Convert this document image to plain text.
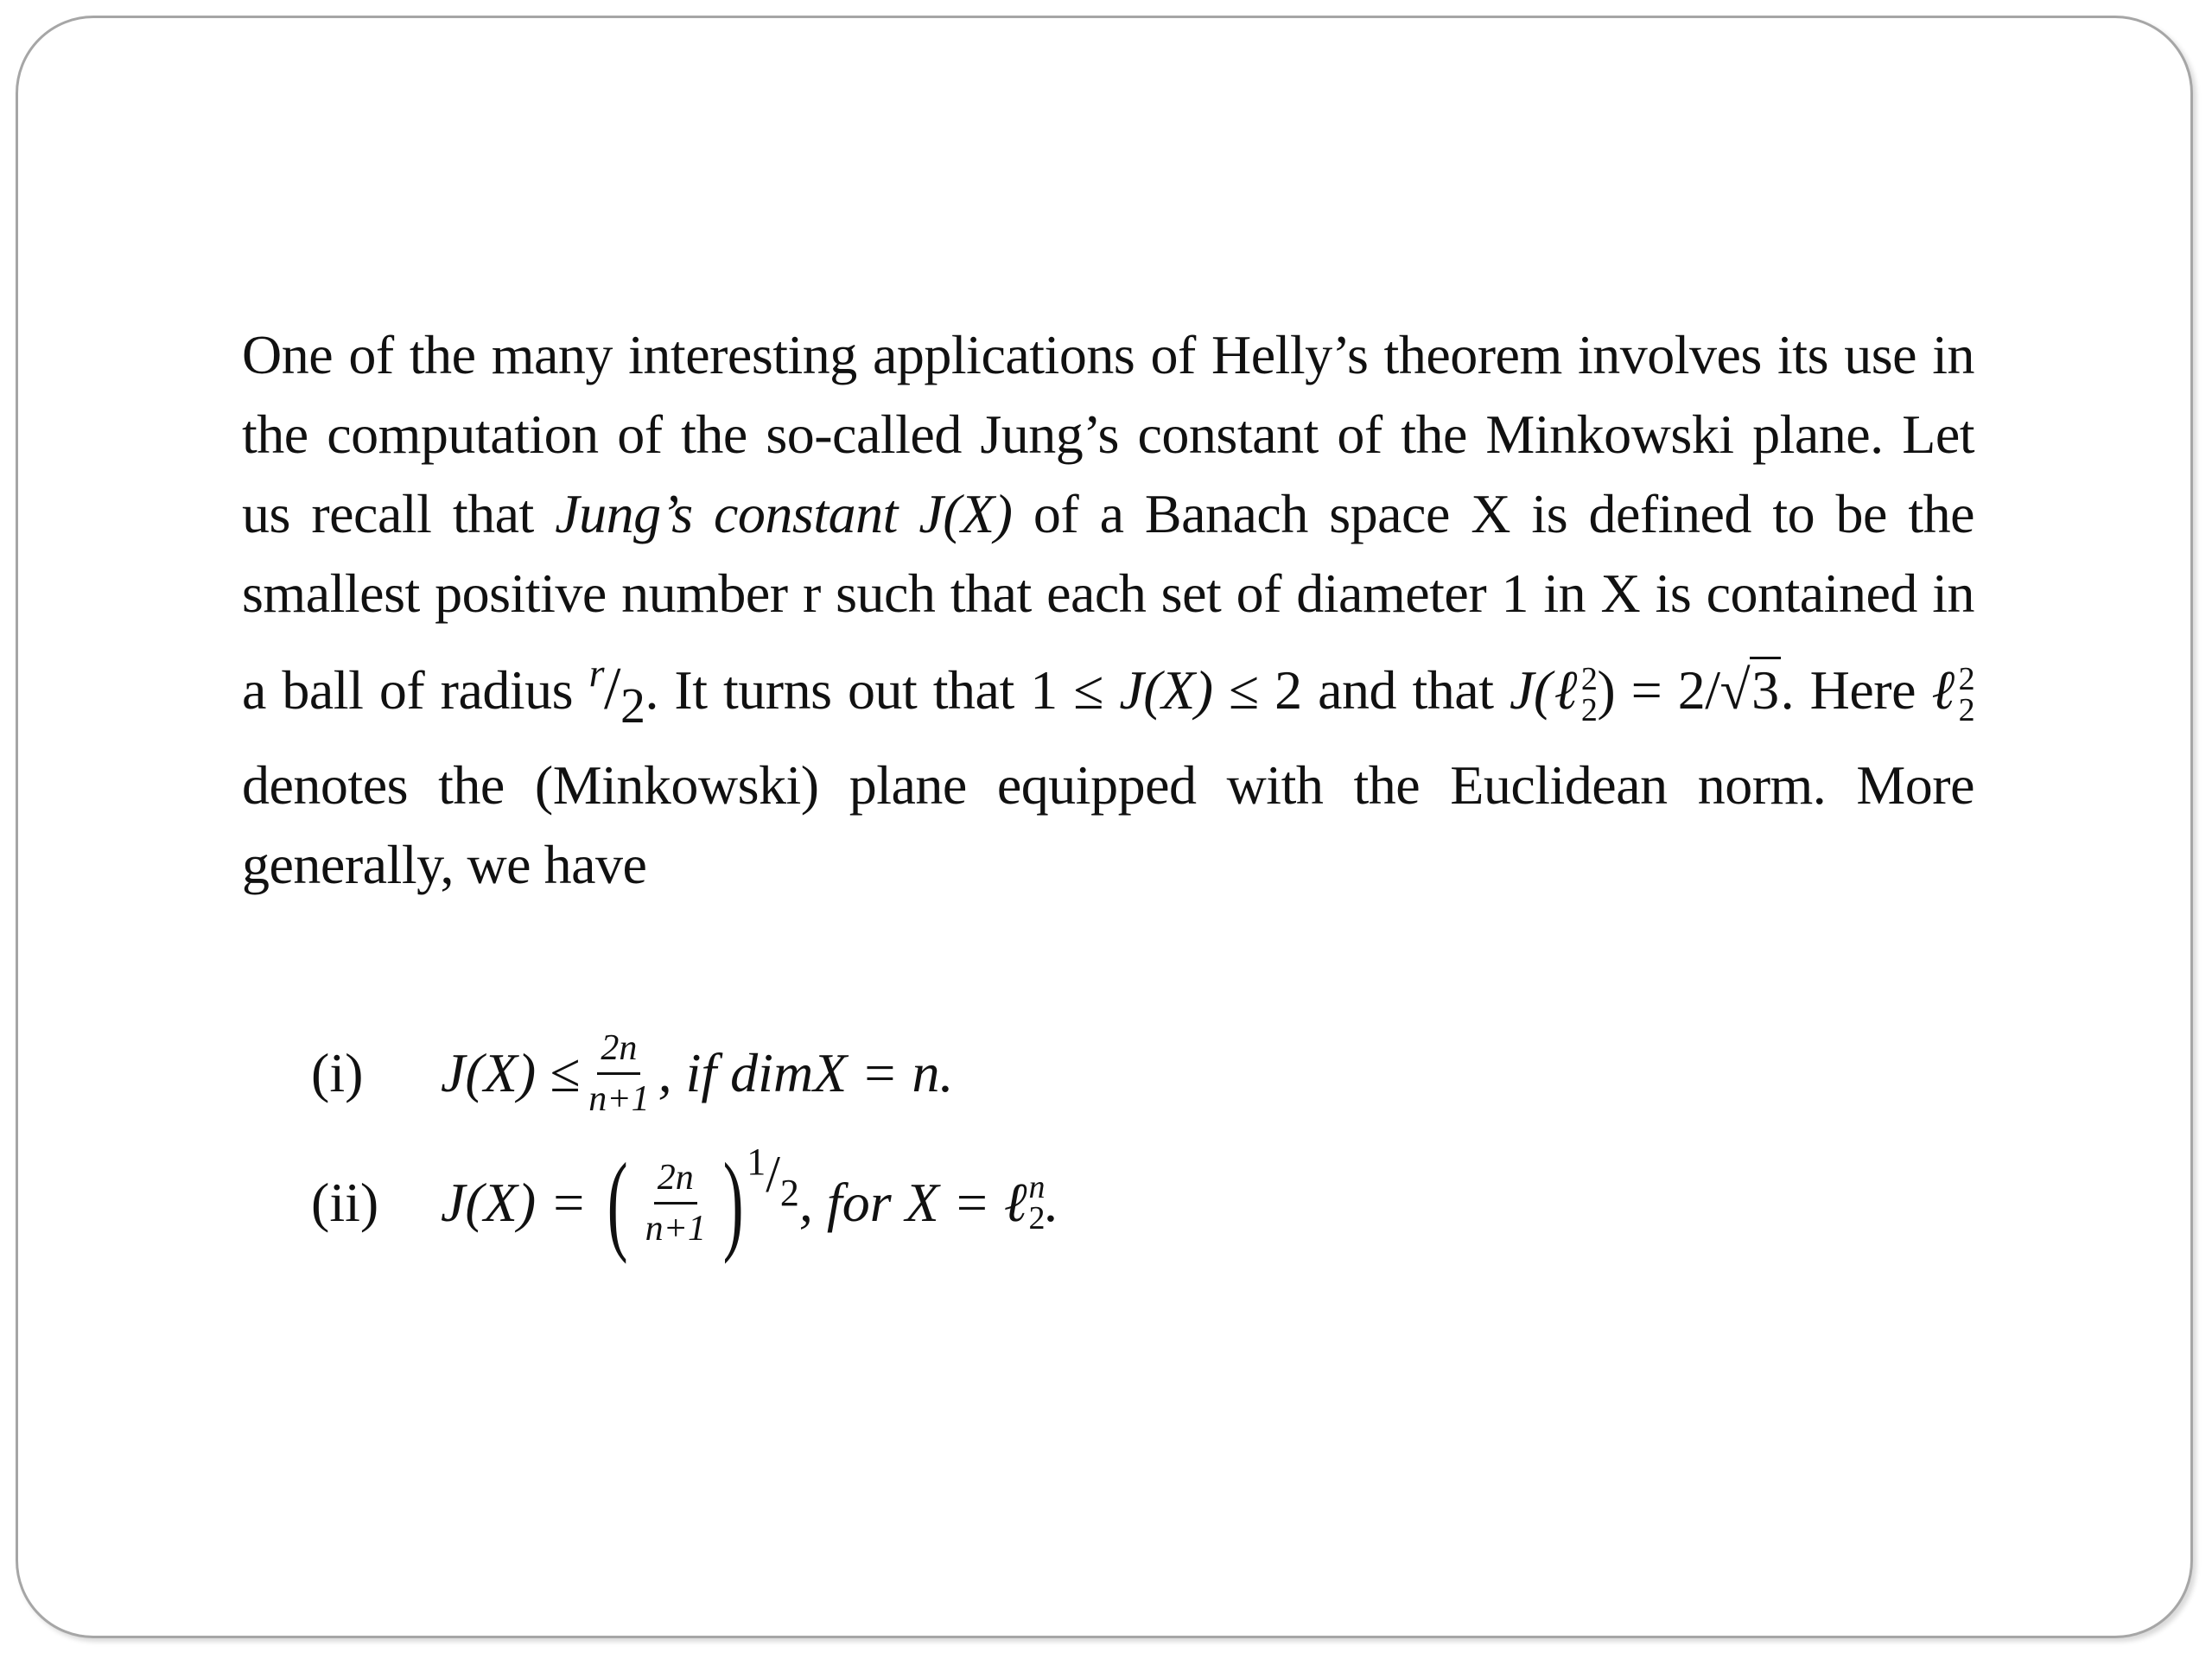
One of the many interesting applications of Helly’s theorem involves its use in the computation of the so-called Jung’s constant of the Minkowski plane. Let us recall that Jung’s constant J(X) of a Banach space X is defined to be the smallest positive number r such that each set of diameter 1 in X is contained in a ball of radius $^r$/2. It turns out that 1 ≤ J(X) ≤ 2 and that J(ℓ 2
2 ) = 2/√3. Here ℓ 2
2
denotes the (Minkowski) plane equipped with the Euclidean norm. More generally, we have

(i)	$J(X) \le \frac{2n}{n+1}$ , if dimX = n.
(ii)	J(X) = ( $\frac{2n}{n+1}$ ) 1 / 2 , for X = ℓ n
2 .
